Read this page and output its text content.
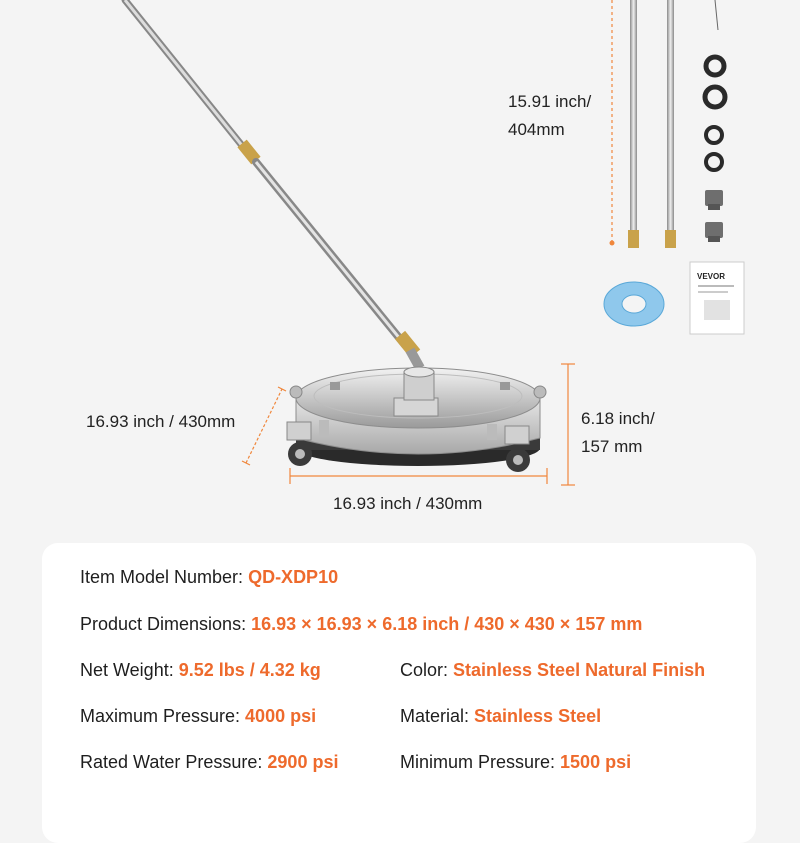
VEVOR
15.91 inch/
404mm
16.93 inch / 430mm
16.93 inch / 430mm
6.18 inch/
157 mm
Item Model Number: QD-XDP10
Product Dimensions: 16.93 × 16.93 × 6.18 inch / 430 × 430 × 157 mm
Net Weight: 9.52 lbs / 4.32 kg	Color: Stainless Steel Natural Finish
Maximum Pressure: 4000 psi	Material: Stainless Steel
Rated Water Pressure: 2900 psi	Minimum Pressure: 1500 psi
